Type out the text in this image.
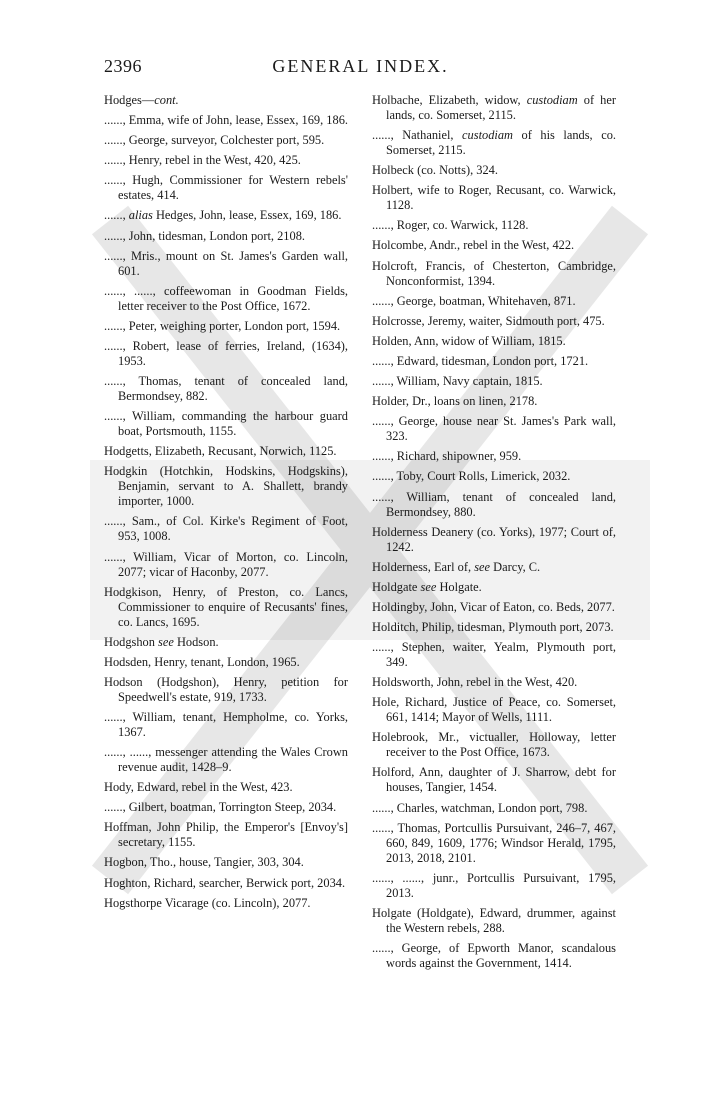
2396	GENERAL INDEX.

Hodges—cont.

......, Emma, wife of John, lease, Essex, 169, 186.

......, George, surveyor, Colchester port, 595.

......, Henry, rebel in the West, 420, 425.

......, Hugh, Commissioner for Western rebels' estates, 414.

......, alias Hedges, John, lease, Essex, 169, 186.

......, John, tidesman, London port, 2108.

......, Mris., mount on St. James's Garden wall, 601.

......, ......, coffeewoman in Goodman Fields, letter receiver to the Post Office, 1672.

......, Peter, weighing porter, London port, 1594.

......, Robert, lease of ferries, Ireland, (1634), 1953.

......, Thomas, tenant of concealed land, Bermondsey, 882.

......, William, commanding the harbour guard boat, Portsmouth, 1155.

Hodgetts, Elizabeth, Recusant, Norwich, 1125.

Hodgkin (Hotchkin, Hodskins, Hodgskins), Benjamin, servant to A. Shallett, brandy importer, 1000.

......, Sam., of Col. Kirke's Regiment of Foot, 953, 1008.

......, William, Vicar of Morton, co. Lincoln, 2077; vicar of Haconby, 2077.

Hodgkison, Henry, of Preston, co. Lancs, Commissioner to enquire of Recusants' fines, co. Lancs, 1695.

Hodgshon see Hodson.

Hodsden, Henry, tenant, London, 1965.

Hodson (Hodgshon), Henry, petition for Speedwell's estate, 919, 1733.

......, William, tenant, Hempholme, co. Yorks, 1367.

......, ......, messenger attending the Wales Crown revenue audit, 1428–9.

Hody, Edward, rebel in the West, 423.

......, Gilbert, boatman, Torrington Steep, 2034.

Hoffman, John Philip, the Emperor's [Envoy's] secretary, 1155.

Hogbon, Tho., house, Tangier, 303, 304.

Hoghton, Richard, searcher, Berwick port, 2034.

Hogsthorpe Vicarage (co. Lincoln), 2077.

Holbache, Elizabeth, widow, custodiam of her lands, co. Somerset, 2115.

......, Nathaniel, custodiam of his lands, co. Somerset, 2115.

Holbeck (co. Notts), 324.

Holbert, wife to Roger, Recusant, co. Warwick, 1128.

......, Roger, co. Warwick, 1128.

Holcombe, Andr., rebel in the West, 422.

Holcroft, Francis, of Chesterton, Cambridge, Nonconformist, 1394.

......, George, boatman, Whitehaven, 871.

Holcrosse, Jeremy, waiter, Sidmouth port, 475.

Holden, Ann, widow of William, 1815.

......, Edward, tidesman, London port, 1721.

......, William, Navy captain, 1815.

Holder, Dr., loans on linen, 2178.

......, George, house near St. James's Park wall, 323.

......, Richard, shipowner, 959.

......, Toby, Court Rolls, Limerick, 2032.

......, William, tenant of concealed land, Bermondsey, 880.

Holderness Deanery (co. Yorks), 1977; Court of, 1242.

Holderness, Earl of, see Darcy, C.

Holdgate see Holgate.

Holdingby, John, Vicar of Eaton, co. Beds, 2077.

Holditch, Philip, tidesman, Plymouth port, 2073.

......, Stephen, waiter, Yealm, Plymouth port, 349.

Holdsworth, John, rebel in the West, 420.

Hole, Richard, Justice of Peace, co. Somerset, 661, 1414; Mayor of Wells, 1111.

Holebrook, Mr., victualler, Holloway, letter receiver to the Post Office, 1673.

Holford, Ann, daughter of J. Sharrow, debt for houses, Tangier, 1454.

......, Charles, watchman, London port, 798.

......, Thomas, Portcullis Pursuivant, 246–7, 467, 660, 849, 1609, 1776; Windsor Herald, 1795, 2013, 2018, 2101.

......, ......, junr., Portcullis Pursuivant, 1795, 2013.

Holgate (Holdgate), Edward, drummer, against the Western rebels, 288.

......, George, of Epworth Manor, scandalous words against the Government, 1414.
